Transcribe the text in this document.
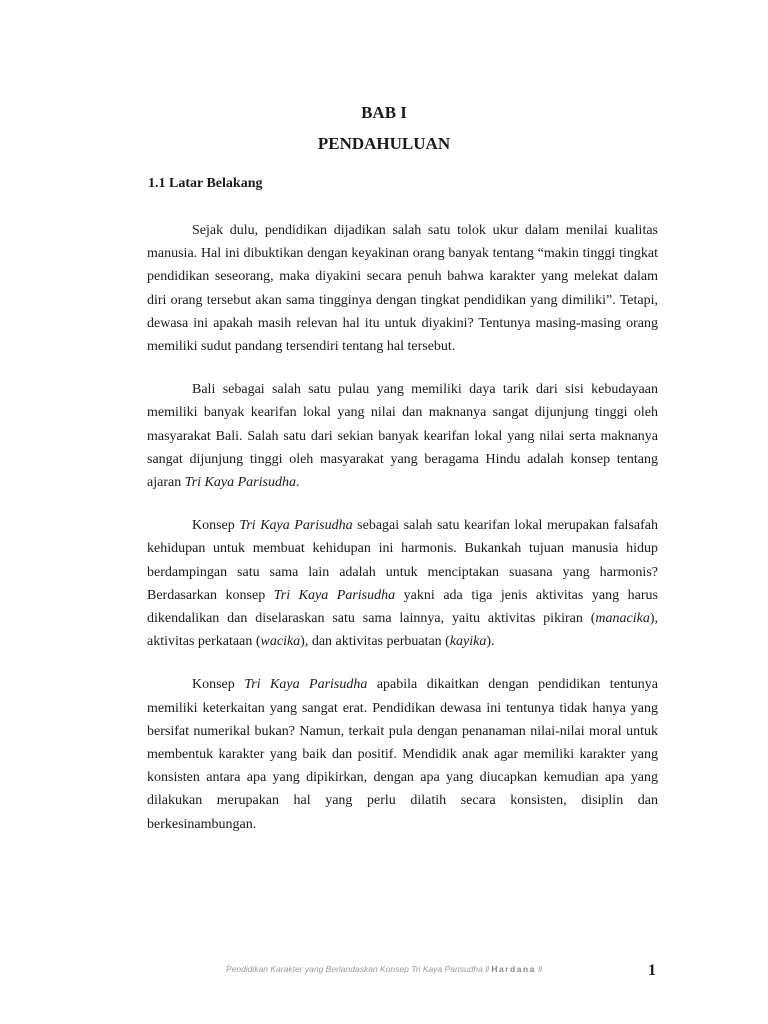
BAB I
PENDAHULUAN
1.1 Latar Belakang

Sejak dulu, pendidikan dijadikan salah satu tolok ukur dalam menilai kualitas manusia. Hal ini dibuktikan dengan keyakinan orang banyak tentang “makin tinggi tingkat pendidikan seseorang, maka diyakini secara penuh bahwa karakter yang melekat dalam diri orang tersebut akan sama tingginya dengan tingkat pendidikan yang dimiliki”. Tetapi, dewasa ini apakah masih relevan hal itu untuk diyakini? Tentunya masing-masing orang memiliki sudut pandang tersendiri tentang hal tersebut.

Bali sebagai salah satu pulau yang memiliki daya tarik dari sisi kebudayaan memiliki banyak kearifan lokal yang nilai dan maknanya sangat dijunjung tinggi oleh masyarakat Bali. Salah satu dari sekian banyak kearifan lokal yang nilai serta maknanya sangat dijunjung tinggi oleh masyarakat yang beragama Hindu adalah konsep tentang ajaran Tri Kaya Parisudha.

Konsep Tri Kaya Parisudha sebagai salah satu kearifan lokal merupakan falsafah kehidupan untuk membuat kehidupan ini harmonis. Bukankah tujuan manusia hidup berdampingan satu sama lain adalah untuk menciptakan suasana yang harmonis? Berdasarkan konsep Tri Kaya Parisudha yakni ada tiga jenis aktivitas yang harus dikendalikan dan diselaraskan satu sama lainnya, yaitu aktivitas pikiran (manacika), aktivitas perkataan (wacika), dan aktivitas perbuatan (kayika).

Konsep Tri Kaya Parisudha apabila dikaitkan dengan pendidikan tentunya memiliki keterkaitan yang sangat erat. Pendidikan dewasa ini tentunya tidak hanya yang bersifat numerikal bukan? Namun, terkait pula dengan penanaman nilai-nilai moral untuk membentuk karakter yang baik dan positif. Mendidik anak agar memiliki karakter yang konsisten antara apa yang dipikirkan, dengan apa yang diucapkan kemudian apa yang dilakukan merupakan hal yang perlu dilatih secara konsisten, disiplin dan berkesinambungan.

Pendidikan Karakter yang Berlandaskan Konsep Tri Kaya Parisudha ll Hardana ll	1
